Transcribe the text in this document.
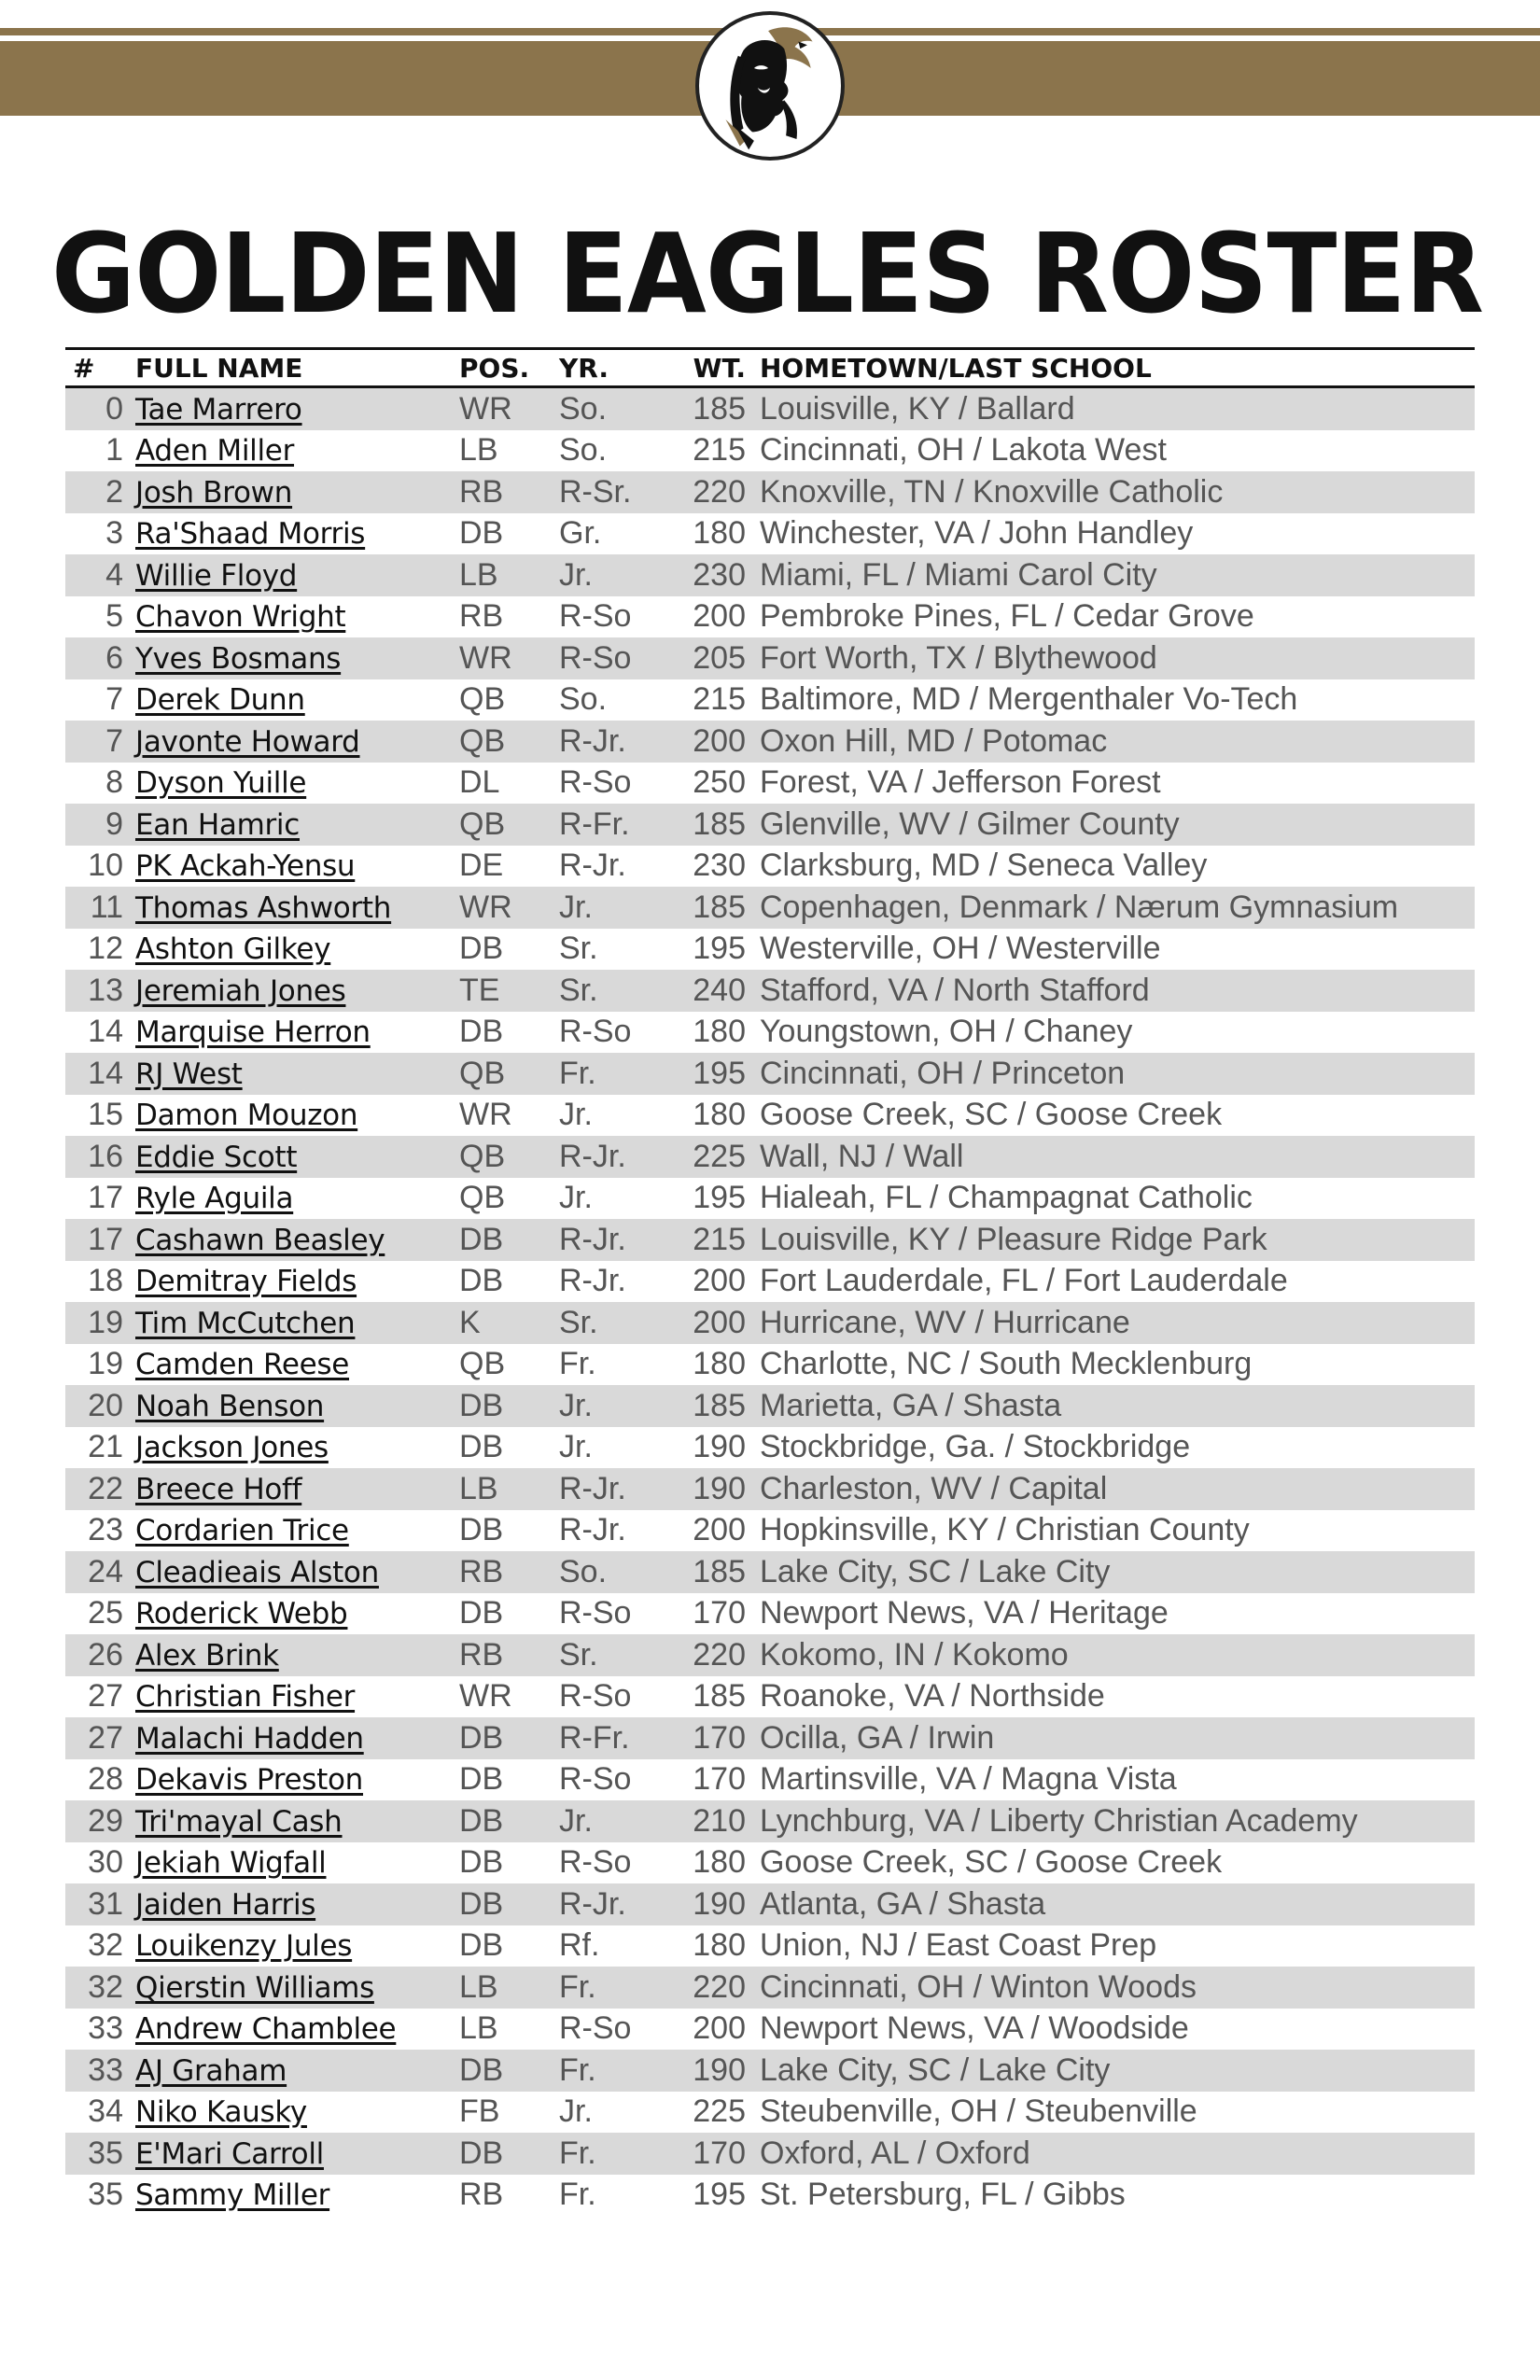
GOLDEN EAGLES ROSTER
#	FULL NAME	POS.	YR.	WT. HOMETOWN/LAST SCHOOL
0 Tae Marrero	WR	So.	185 Louisville, KY / Ballard
1 Aden Miller	LB	So.	215 Cincinnati, OH / Lakota West
2 Josh Brown	RB	R-Sr.	220 Knoxville, TN / Knoxville Catholic
3 Ra'Shaad Morris	DB	Gr.	180 Winchester, VA / John Handley
4 Willie Floyd	LB	Jr.	230 Miami, FL / Miami Carol City
5 Chavon Wright	RB	R-So	200 Pembroke Pines, FL / Cedar Grove
6 Yves Bosmans	WR	R-So	205 Fort Worth, TX / Blythewood
7 Derek Dunn	QB	So.	215 Baltimore, MD / Mergenthaler Vo-Tech
7 Javonte Howard	QB	R-Jr.	200 Oxon Hill, MD / Potomac
8 Dyson Yuille	DL	R-So	250 Forest, VA / Jefferson Forest
9 Ean Hamric	QB	R-Fr.	185 Glenville, WV / Gilmer County
10 PK Ackah-Yensu	DE	R-Jr.	230 Clarksburg, MD / Seneca Valley
11 Thomas Ashworth	WR	Jr.	185 Copenhagen, Denmark / Nærum Gymnasium
12 Ashton Gilkey	DB	Sr.	195 Westerville, OH / Westerville
13 Jeremiah Jones	TE	Sr.	240 Stafford, VA / North Stafford
14 Marquise Herron	DB	R-So	180 Youngstown, OH / Chaney
14 RJ West	QB	Fr.	195 Cincinnati, OH / Princeton
15 Damon Mouzon	WR	Jr.	180 Goose Creek, SC / Goose Creek
16 Eddie Scott	QB	R-Jr.	225 Wall, NJ / Wall
17 Ryle Aguila	QB	Jr.	195 Hialeah, FL / Champagnat Catholic
17 Cashawn Beasley	DB	R-Jr.	215 Louisville, KY / Pleasure Ridge Park
18 Demitray Fields	DB	R-Jr.	200 Fort Lauderdale, FL / Fort Lauderdale
19 Tim McCutchen	K	Sr.	200 Hurricane, WV / Hurricane
19 Camden Reese	QB	Fr.	180 Charlotte, NC / South Mecklenburg
20 Noah Benson	DB	Jr.	185 Marietta, GA / Shasta
21 Jackson Jones	DB	Jr.	190 Stockbridge, Ga. / Stockbridge
22 Breece Hoff	LB	R-Jr.	190 Charleston, WV / Capital
23 Cordarien Trice	DB	R-Jr.	200 Hopkinsville, KY / Christian County
24 Cleadieais Alston	RB	So.	185 Lake City, SC / Lake City
25 Roderick Webb	DB	R-So	170 Newport News, VA / Heritage
26 Alex Brink	RB	Sr.	220 Kokomo, IN / Kokomo
27 Christian Fisher	WR	R-So	185 Roanoke, VA / Northside
27 Malachi Hadden	DB	R-Fr.	170 Ocilla, GA / Irwin
28 Dekavis Preston	DB	R-So	170 Martinsville, VA / Magna Vista
29 Tri'mayal Cash	DB	Jr.	210 Lynchburg, VA / Liberty Christian Academy
30 Jekiah Wigfall	DB	R-So	180 Goose Creek, SC / Goose Creek
31 Jaiden Harris	DB	R-Jr.	190 Atlanta, GA / Shasta
32 Louikenzy Jules	DB	Rf.	180 Union, NJ / East Coast Prep
32 Qierstin Williams	LB	Fr.	220 Cincinnati, OH / Winton Woods
33 Andrew Chamblee	LB	R-So	200 Newport News, VA / Woodside
33 AJ Graham	DB	Fr.	190 Lake City, SC / Lake City
34 Niko Kausky	FB	Jr.	225 Steubenville, OH / Steubenville
35 E'Mari Carroll	DB	Fr.	170 Oxford, AL / Oxford
35 Sammy Miller	RB	Fr.	195 St. Petersburg, FL / Gibbs
